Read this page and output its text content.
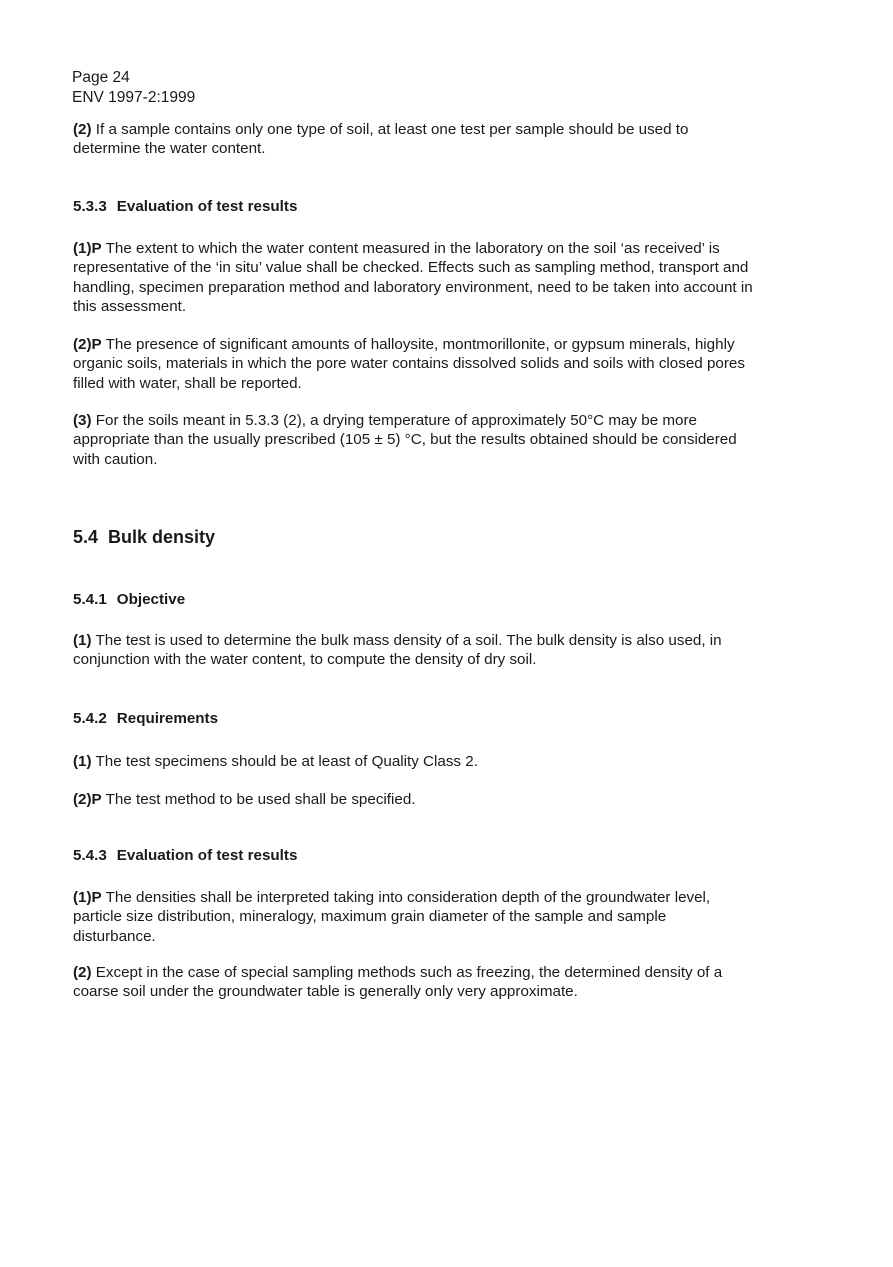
Page 24
ENV 1997-2:1999
(2) If a sample contains only one type of soil, at least one test per sample should be used to determine the water content.
5.3.3 Evaluation of test results
(1)P The extent to which the water content measured in the laboratory on the soil ‘as received’ is representative of the ‘in situ’ value shall be checked. Effects such as sampling method, transport and handling, specimen preparation method and laboratory environment, need to be taken into account in this assessment.
(2)P The presence of significant amounts of halloysite, montmorillonite, or gypsum minerals, highly organic soils, materials in which the pore water contains dissolved solids and soils with closed pores filled with water, shall be reported.
(3) For the soils meant in 5.3.3 (2), a drying temperature of approximately 50°C may be more appropriate than the usually prescribed (105 ± 5) °C, but the results obtained should be considered with caution.
5.4 Bulk density
5.4.1 Objective
(1) The test is used to determine the bulk mass density of a soil. The bulk density is also used, in conjunction with the water content, to compute the density of dry soil.
5.4.2 Requirements
(1) The test specimens should be at least of Quality Class 2.
(2)P The test method to be used shall be specified.
5.4.3 Evaluation of test results
(1)P The densities shall be interpreted taking into consideration depth of the groundwater level, particle size distribution, mineralogy, maximum grain diameter of the sample and sample disturbance.
(2) Except in the case of special sampling methods such as freezing, the determined density of a coarse soil under the groundwater table is generally only very approximate.
